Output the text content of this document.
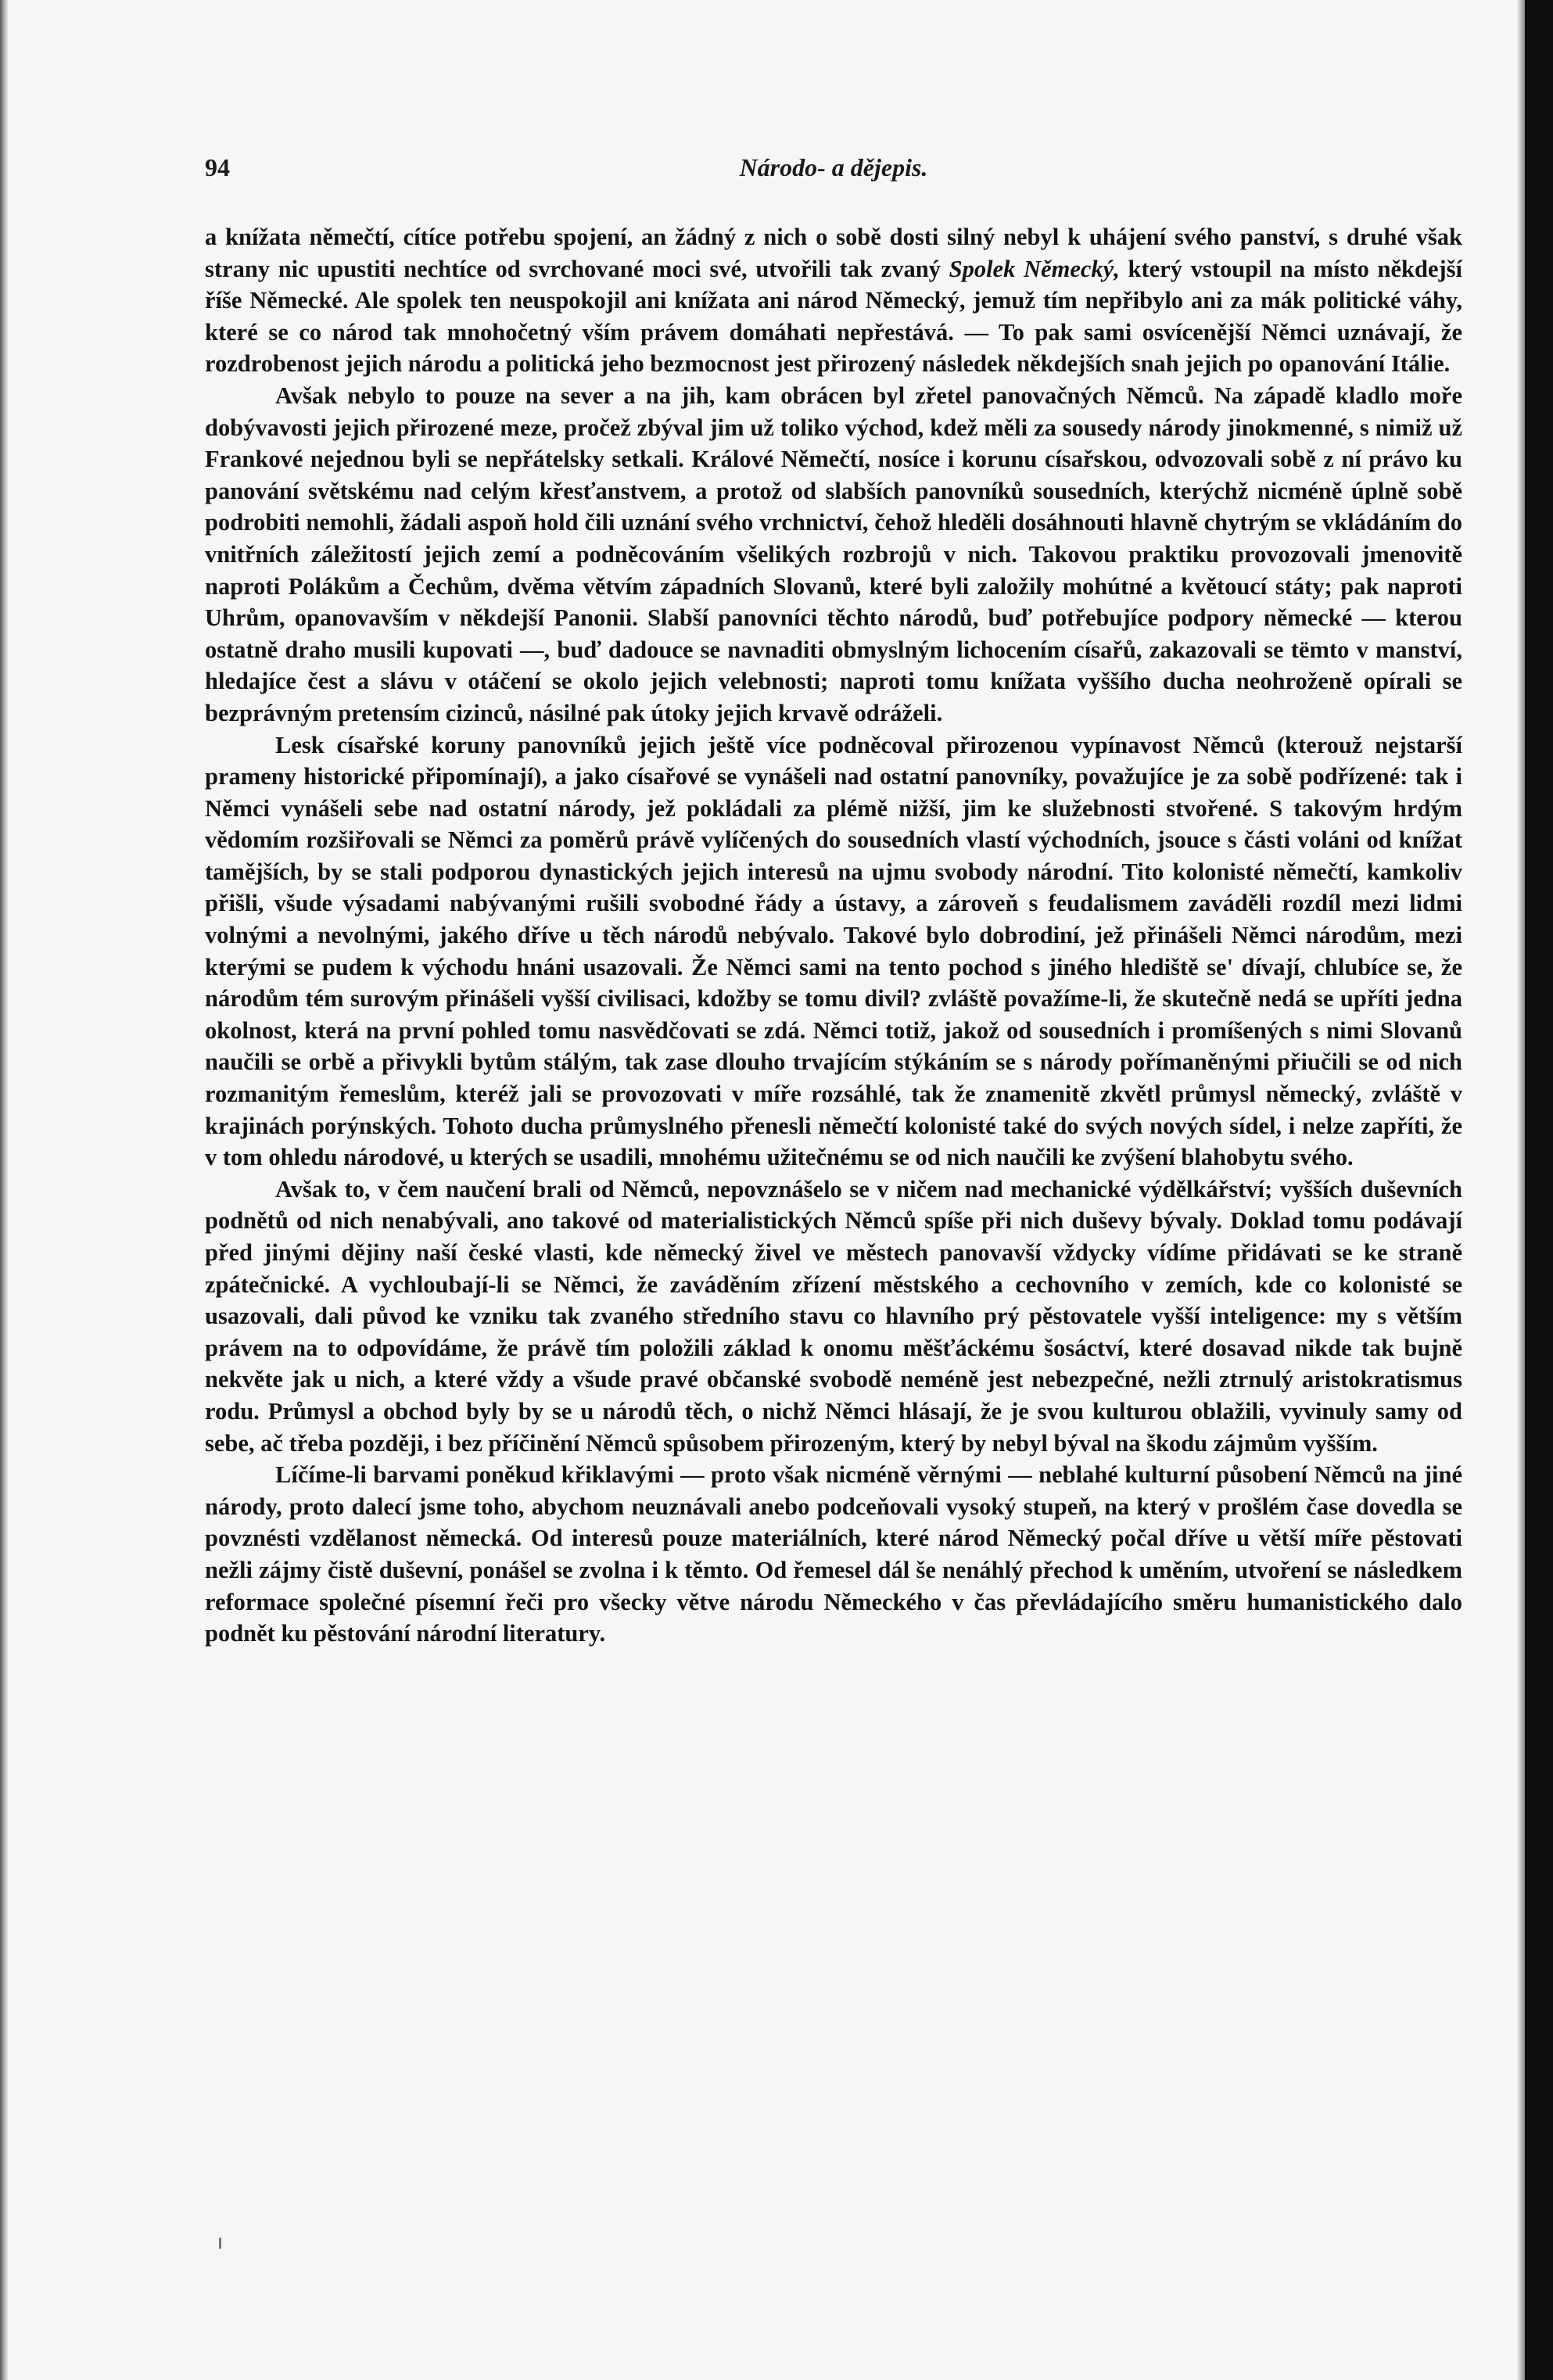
94	Národo- a dějepis.

a knížata němečtí, cítíce potřebu spojení, an žádný z nich o sobě dosti silný nebyl k uhájení svého panství, s druhé však strany nic upustiti nechtíce od svrchované moci své, utvořili tak zvaný Spolek Německý, který vstoupil na místo někdejší říše Německé. Ale spolek ten neuspokojil ani knížata ani národ Německý, jemuž tím nepřibylo ani za mák politické váhy, které se co národ tak mnohočetný vším právem domáhati nepřestává. — To pak sami osvícenější Němci uznávají, že rozdrobenost jejich národu a politická jeho bezmocnost jest přirozený následek někdejších snah jejich po opanování Itálie.

Avšak nebylo to pouze na sever a na jih, kam obrácen byl zřetel panovačných Němců. Na západě kladlo moře dobývavosti jejich přirozené meze, pročež zbýval jim už toliko východ, kdež měli za sousedy národy jinokmenné, s nimiž už Frankové nejednou byli se nepřátelsky setkali. Králové Němečtí, nosíce i korunu císařskou, odvozovali sobě z ní právo ku panování světskému nad celým křesťanstvem, a protož od slabších panovníků sousedních, kterýchž nicméně úplně sobě podrobiti nemohli, žádali aspoň hold čili uznání svého vrchnictví, čehož hleděli dosáhnouti hlavně chytrým se vkládáním do vnitřních záležitostí jejich zemí a podněcováním všelikých rozbrojů v nich. Takovou praktiku provozovali jmenovitě naproti Polákům a Čechům, dvěma větvím západních Slovanů, které byli založily mohútné a květoucí státy; pak naproti Uhrům, opanovavším v někdejší Panonii. Slabší panovníci těchto národů, buď potřebujíce podpory německé — kterou ostatně draho musili kupovati —, buď dadouce se navnaditi obmyslným lichocením císařů, zakazovali se tëmto v manství, hledajíce čest a slávu v otáčení se okolo jejich velebnosti; naproti tomu knížata vyššího ducha neohroženě opírali se bezprávným pretensím cizinců, násilné pak útoky jejich krvavě odráželi.

Lesk císařské koruny panovníků jejich ještě více podněcoval přirozenou vypínavost Němců (kterouž nejstarší prameny historické připomínají), a jako císařové se vynášeli nad ostatní panovníky, považujíce je za sobě podřízené: tak i Němci vynášeli sebe nad ostatní národy, jež pokládali za plémě nižší, jim ke služebnosti stvořené. S takovým hrdým vědomím rozšiřovali se Němci za poměrů právě vylíčených do sousedních vlastí východních, jsouce s části voláni od knížat tamějších, by se stali podporou dynastických jejich interesů na ujmu svobody národní. Tito kolonisté němečtí, kamkoliv přišli, všude výsadami nabývanými rušili svobodné řády a ústavy, a zároveň s feudalismem zaváděli rozdíl mezi lidmi volnými a nevolnými, jakého dříve u těch národů nebývalo. Takové bylo dobrodiní, jež přinášeli Němci národům, mezi kterými se pudem k východu hnáni usazovali. Že Němci sami na tento pochod s jiného hlediště se' dívají, chlubíce se, že národům tém surovým přinášeli vyšší civilisaci, kdožby se tomu divil? zvláště považíme-li, že skutečně nedá se upříti jedna okolnost, která na první pohled tomu nasvědčovati se zdá. Němci totiž, jakož od sousedních i promíšených s nimi Slovanů naučili se orbě a přivykli bytům stálým, tak zase dlouho trvajícím stýkáním se s národy pořímaněnými přiučili se od nich rozmanitým řemeslům, kteréž jali se provozovati v míře rozsáhlé, tak že znamenitě zkvětl průmysl německý, zvláště v krajinách porýnských. Tohoto ducha průmyslného přenesli němečtí kolonisté také do svých nových sídel, i nelze zapříti, že v tom ohledu národové, u kterých se usadili, mnohému užitečnému se od nich naučili ke zvýšení blahobytu svého.

Avšak to, v čem naučení brali od Němců, nepovznášelo se v ničem nad mechanické výdělkářství; vyšších duševních podnětů od nich nenabývali, ano takové od materialistických Němců spíše při nich duševy bývaly. Doklad tomu podávají před jinými dějiny naší české vlasti, kde německý živel ve městech panovavší vždycky vídíme přidávati se ke straně zpátečnické. A vychloubají-li se Němci, že zaváděním zřízení městského a cechovního v zemích, kde co kolonisté se usazovali, dali původ ke vzniku tak zvaného středního stavu co hlavního prý pěstovatele vyšší inteligence: my s větším právem na to odpovídáme, že právě tím položili základ k onomu měšťáckému šosáctví, které dosavad nikde tak bujně nekvěte jak u nich, a které vždy a všude pravé občanské svobodě neméně jest nebezpečné, nežli ztrnulý aristokratismus rodu. Průmysl a obchod byly by se u národů těch, o nichž Němci hlásají, že je svou kulturou oblažili, vyvinuly samy od sebe, ač třeba později, i bez příčinění Němců spůsobem přirozeným, který by nebyl býval na škodu zájmům vyšším.

Líčíme-li barvami poněkud křiklavými — proto však nicméně věrnými — neblahé kulturní působení Němců na jiné národy, proto dalecí jsme toho, abychom neuznávali anebo podceňovali vysoký stupeň, na který v prošlém čase dovedla se povznésti vzdělanost německá. Od interesů pouze materiálních, které národ Německý počal dříve u větší míře pěstovati nežli zájmy čistě duševní, ponášel se zvolna i k těmto. Od řemesel dál še nenáhlý přechod k uměním, utvoření se následkem reformace společné písemní řeči pro všecky větve národu Německého v čas převládajícího směru humanistického dalo podnět ku pěstování národní literatury.
